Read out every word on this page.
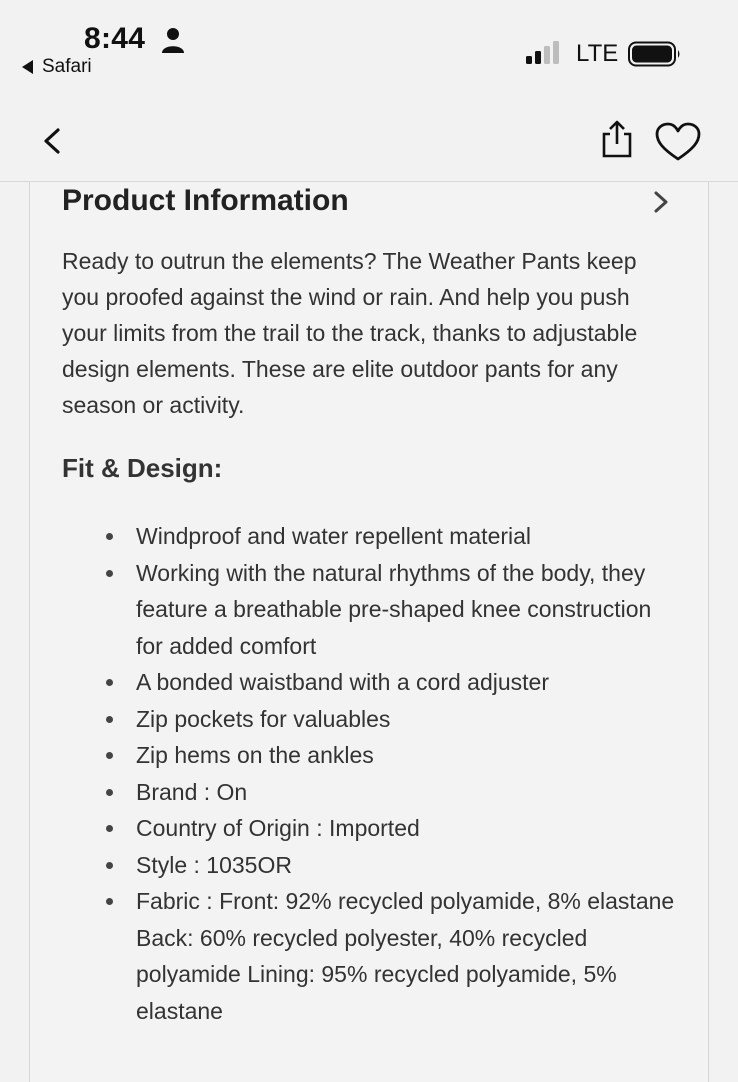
8:44
Safari	LTE
Product Information

Ready to outrun the elements? The Weather Pants keep you proofed against the wind or rain. And help you push your limits from the trail to the track, thanks to adjustable design elements. These are elite outdoor pants for any season or activity.

Fit & Design:
Windproof and water repellent material
Working with the natural rhythms of the body, they feature a breathable pre-shaped knee construction for added comfort
A bonded waistband with a cord adjuster
Zip pockets for valuables
Zip hems on the ankles
Brand : On
Country of Origin : Imported
Style : 1035OR
Fabric : Front: 92% recycled polyamide, 8% elastane Back: 60% recycled polyester, 40% recycled polyamide Lining: 95% recycled polyamide, 5% elastane
